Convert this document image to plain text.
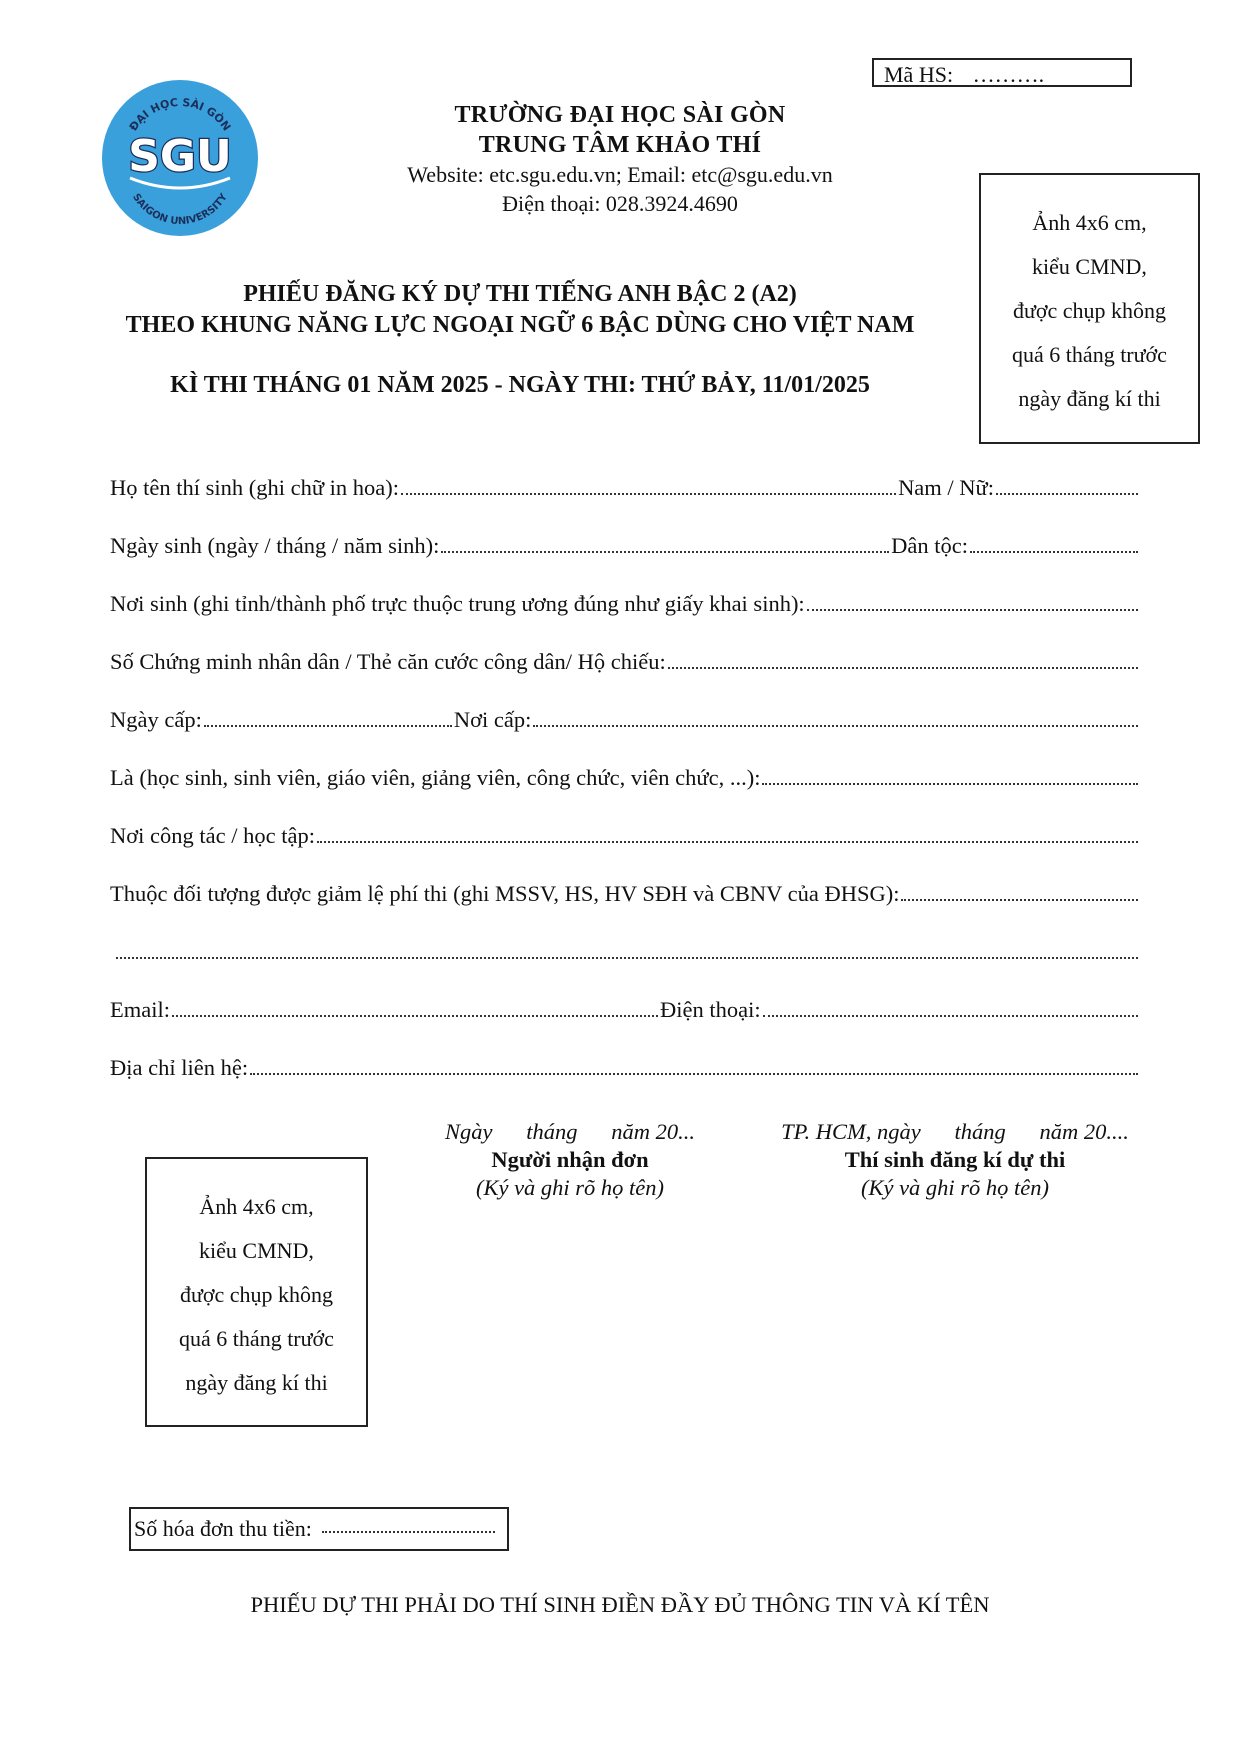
Mã HS: ……….
ĐẠI HỌC SÀI GÒN
SGU
SAIGON UNIVERSITY
TRƯỜNG ĐẠI HỌC SÀI GÒN
TRUNG TÂM KHẢO THÍ
Website: etc.sgu.edu.vn; Email: etc@sgu.edu.vn
Điện thoại: 028.3924.4690
PHIẾU ĐĂNG KÝ DỰ THI TIẾNG ANH BẬC 2 (A2)
THEO KHUNG NĂNG LỰC NGOẠI NGỮ 6 BẬC DÙNG CHO VIỆT NAM
KÌ THI THÁNG 01 NĂM 2025 - NGÀY THI: THỨ BẢY, 11/01/2025
Ảnh 4x6 cm,
kiểu CMND,
được chụp không
quá 6 tháng trước
ngày đăng kí thi
Họ tên thí sinh (ghi chữ in hoa):	Nam / Nữ:
Ngày sinh (ngày / tháng / năm sinh):	Dân tộc:
Nơi sinh (ghi tỉnh/thành phố trực thuộc trung ương đúng như giấy khai sinh):
Số Chứng minh nhân dân / Thẻ căn cước công dân/ Hộ chiếu:
Ngày cấp:	Nơi cấp:
Là (học sinh, sinh viên, giáo viên, giảng viên, công chức, viên chức, ...):
Nơi công tác / học tập:
Thuộc đối tượng được giảm lệ phí thi (ghi MSSV, HS, HV SĐH và CBNV của ĐHSG):
Email:	Điện thoại:
Địa chỉ liên hệ:
Ngày      tháng      năm 20...
Người nhận đơn
(Ký và ghi rõ họ tên)
TP. HCM, ngày      tháng      năm 20....
Thí sinh đăng kí dự thi
(Ký và ghi rõ họ tên)
Ảnh 4x6 cm,
kiểu CMND,
được chụp không
quá 6 tháng trước
ngày đăng kí thi
Số hóa đơn thu tiền:
PHIẾU DỰ THI PHẢI DO THÍ SINH ĐIỀN ĐẦY ĐỦ THÔNG TIN VÀ KÍ TÊN
